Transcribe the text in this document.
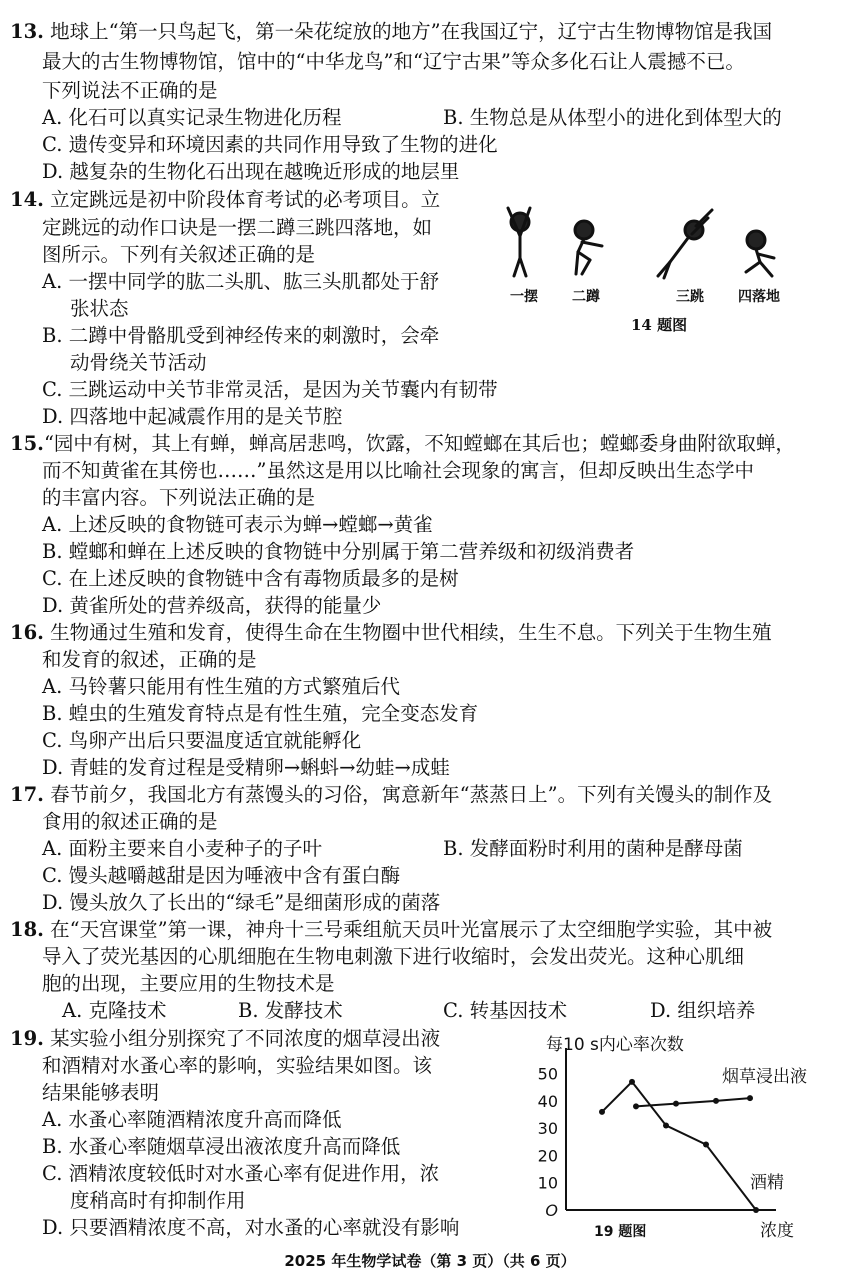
13. 地球上“第一只鸟起飞，第一朵花绽放的地方”在我国辽宁，辽宁古生物博物馆是我国
最大的古生物博物馆，馆中的“中华龙鸟”和“辽宁古果”等众多化石让人震撼不已。
下列说法不正确的是
A. 化石可以真实记录生物进化历程	B. 生物总是从体型小的进化到体型大的
C. 遗传变异和环境因素的共同作用导致了生物的进化
D. 越复杂的生物化石出现在越晚近形成的地层里
14. 立定跳远是初中阶段体育考试的必考项目。立
定跳远的动作口诀是一摆二蹲三跳四落地，如
图所示。下列有关叙述正确的是
A. 一摆中同学的肱二头肌、肱三头肌都处于舒
张状态
B. 二蹲中骨骼肌受到神经传来的刺激时，会牵
动骨绕关节活动
C. 三跳运动中关节非常灵活，是因为关节囊内有韧带
D. 四落地中起减震作用的是关节腔
一摆 二蹲	三跳 四落地
14 题图
15.“园中有树，其上有蝉，蝉高居悲鸣，饮露，不知螳螂在其后也；螳螂委身曲附欲取蝉，
而不知黄雀在其傍也……”虽然这是用以比喻社会现象的寓言，但却反映出生态学中
的丰富内容。下列说法正确的是
A. 上述反映的食物链可表示为蝉→螳螂→黄雀
B. 螳螂和蝉在上述反映的食物链中分别属于第二营养级和初级消费者
C. 在上述反映的食物链中含有毒物质最多的是树
D. 黄雀所处的营养级高，获得的能量少
16. 生物通过生殖和发育，使得生命在生物圈中世代相续，生生不息。下列关于生物生殖
和发育的叙述，正确的是
A. 马铃薯只能用有性生殖的方式繁殖后代
B. 蝗虫的生殖发育特点是有性生殖，完全变态发育
C. 鸟卵产出后只要温度适宜就能孵化
D. 青蛙的发育过程是受精卵→蝌蚪→幼蛙→成蛙
17. 春节前夕，我国北方有蒸馒头的习俗，寓意新年“蒸蒸日上”。下列有关馒头的制作及
食用的叙述正确的是
A. 面粉主要来自小麦种子的子叶	B. 发酵面粉时利用的菌种是酵母菌
C. 馒头越嚼越甜是因为唾液中含有蛋白酶
D. 馒头放久了长出的“绿毛”是细菌形成的菌落
18. 在“天宫课堂”第一课，神舟十三号乘组航天员叶光富展示了太空细胞学实验，其中被
导入了荧光基因的心肌细胞在生物电刺激下进行收缩时，会发出荧光。这种心肌细
胞的出现，主要应用的生物技术是
A. 克隆技术	B. 发酵技术	C. 转基因技术	D. 组织培养
19. 某实验小组分别探究了不同浓度的烟草浸出液
和酒精对水蚤心率的影响，实验结果如图。该
结果能够表明
A. 水蚤心率随酒精浓度升高而降低
B. 水蚤心率随烟草浸出液浓度升高而降低
C. 酒精浓度较低时对水蚤心率有促进作用，浓
度稍高时有抑制作用
D. 只要酒精浓度不高，对水蚤的心率就没有影响
每10 s内心率次数
O
10
20
30
40
50
浓度
19 题图
烟草浸出液
酒精
2025 年生物学试卷（第 3 页）（共 6 页）
